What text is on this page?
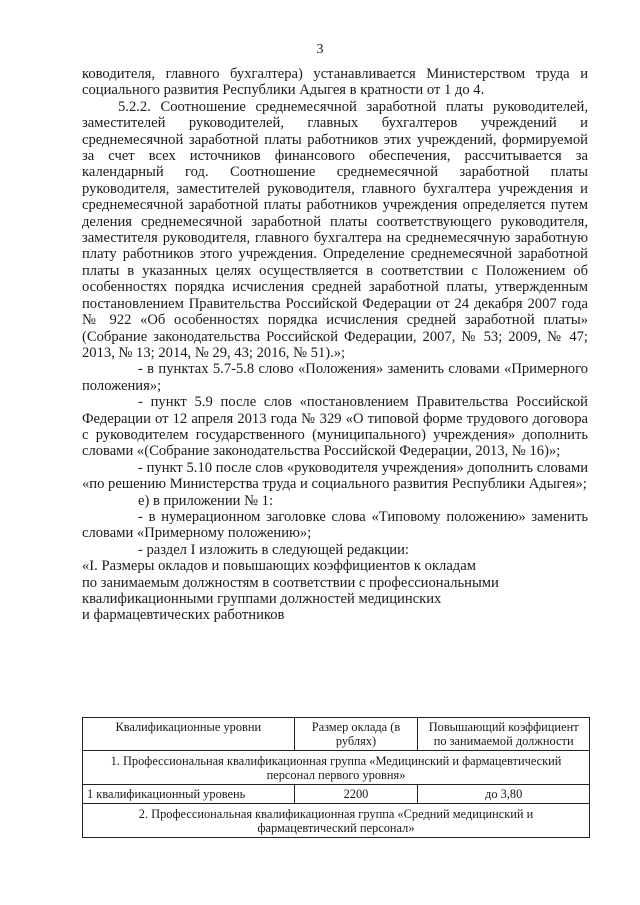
3

ководителя, главного бухгалтера) устанавливается Министерством труда и социального развития Республики Адыгея в кратности от 1 до 4.

5.2.2. Соотношение среднемесячной заработной платы руководителей, заместителей руководителей, главных бухгалтеров учреждений и среднемесячной заработной платы работников этих учреждений, формируемой за счет всех источников финансового обеспечения, рассчитывается за календарный год. Соотношение среднемесячной заработной платы руководителя, заместителей руководителя, главного бухгалтера учреждения и среднемесячной заработной платы работников учреждения определяется путем деления среднемесячной заработной платы соответствующего руководителя, заместителя руководителя, главного бухгалтера на среднемесячную заработную плату работников этого учреждения. Определение среднемесячной заработной платы в указанных целях осуществляется в соответствии с Положением об особенностях порядка исчисления средней заработной платы, утвержденным постановлением Правительства Российской Федерации от 24 декабря 2007 года № 922 «Об особенностях порядка исчисления средней заработной платы» (Собрание законодательства Российской Федерации, 2007, № 53; 2009, № 47; 2013, № 13; 2014, № 29, 43; 2016, № 51).»;

- в пунктах 5.7-5.8 слово «Положения» заменить словами «Примерного положения»;

- пункт 5.9 после слов «постановлением Правительства Российской Федерации от 12 апреля 2013 года № 329 «О типовой форме трудового договора с руководителем государственного (муниципального) учреждения» дополнить словами «(Собрание законодательства Российской Федерации, 2013, № 16)»;

- пункт 5.10 после слов «руководителя учреждения» дополнить словами «по решению Министерства труда и социального развития Республики Адыгея»;

е) в приложении № 1:

- в нумерационном заголовке слова «Типовому положению» заменить словами «Примерному положению»;

- раздел I изложить в следующей редакции:

«I. Размеры окладов и повышающих коэффициентов к окладам

по занимаемым должностям в соответствии с профессиональными

квалификационными группами должностей медицинских

и фармацевтических работников

Квалификационные уровни	Размер оклада (в рублях)	Повышающий коэффициент по занимаемой должности
1. Профессиональная квалификационная группа «Медицинский и фармацевтический персонал первого уровня»		
1 квалификационный уровень	2200	до 3,80
2. Профессиональная квалификационная группа «Средний медицинский и фармацевтический персонал»		
